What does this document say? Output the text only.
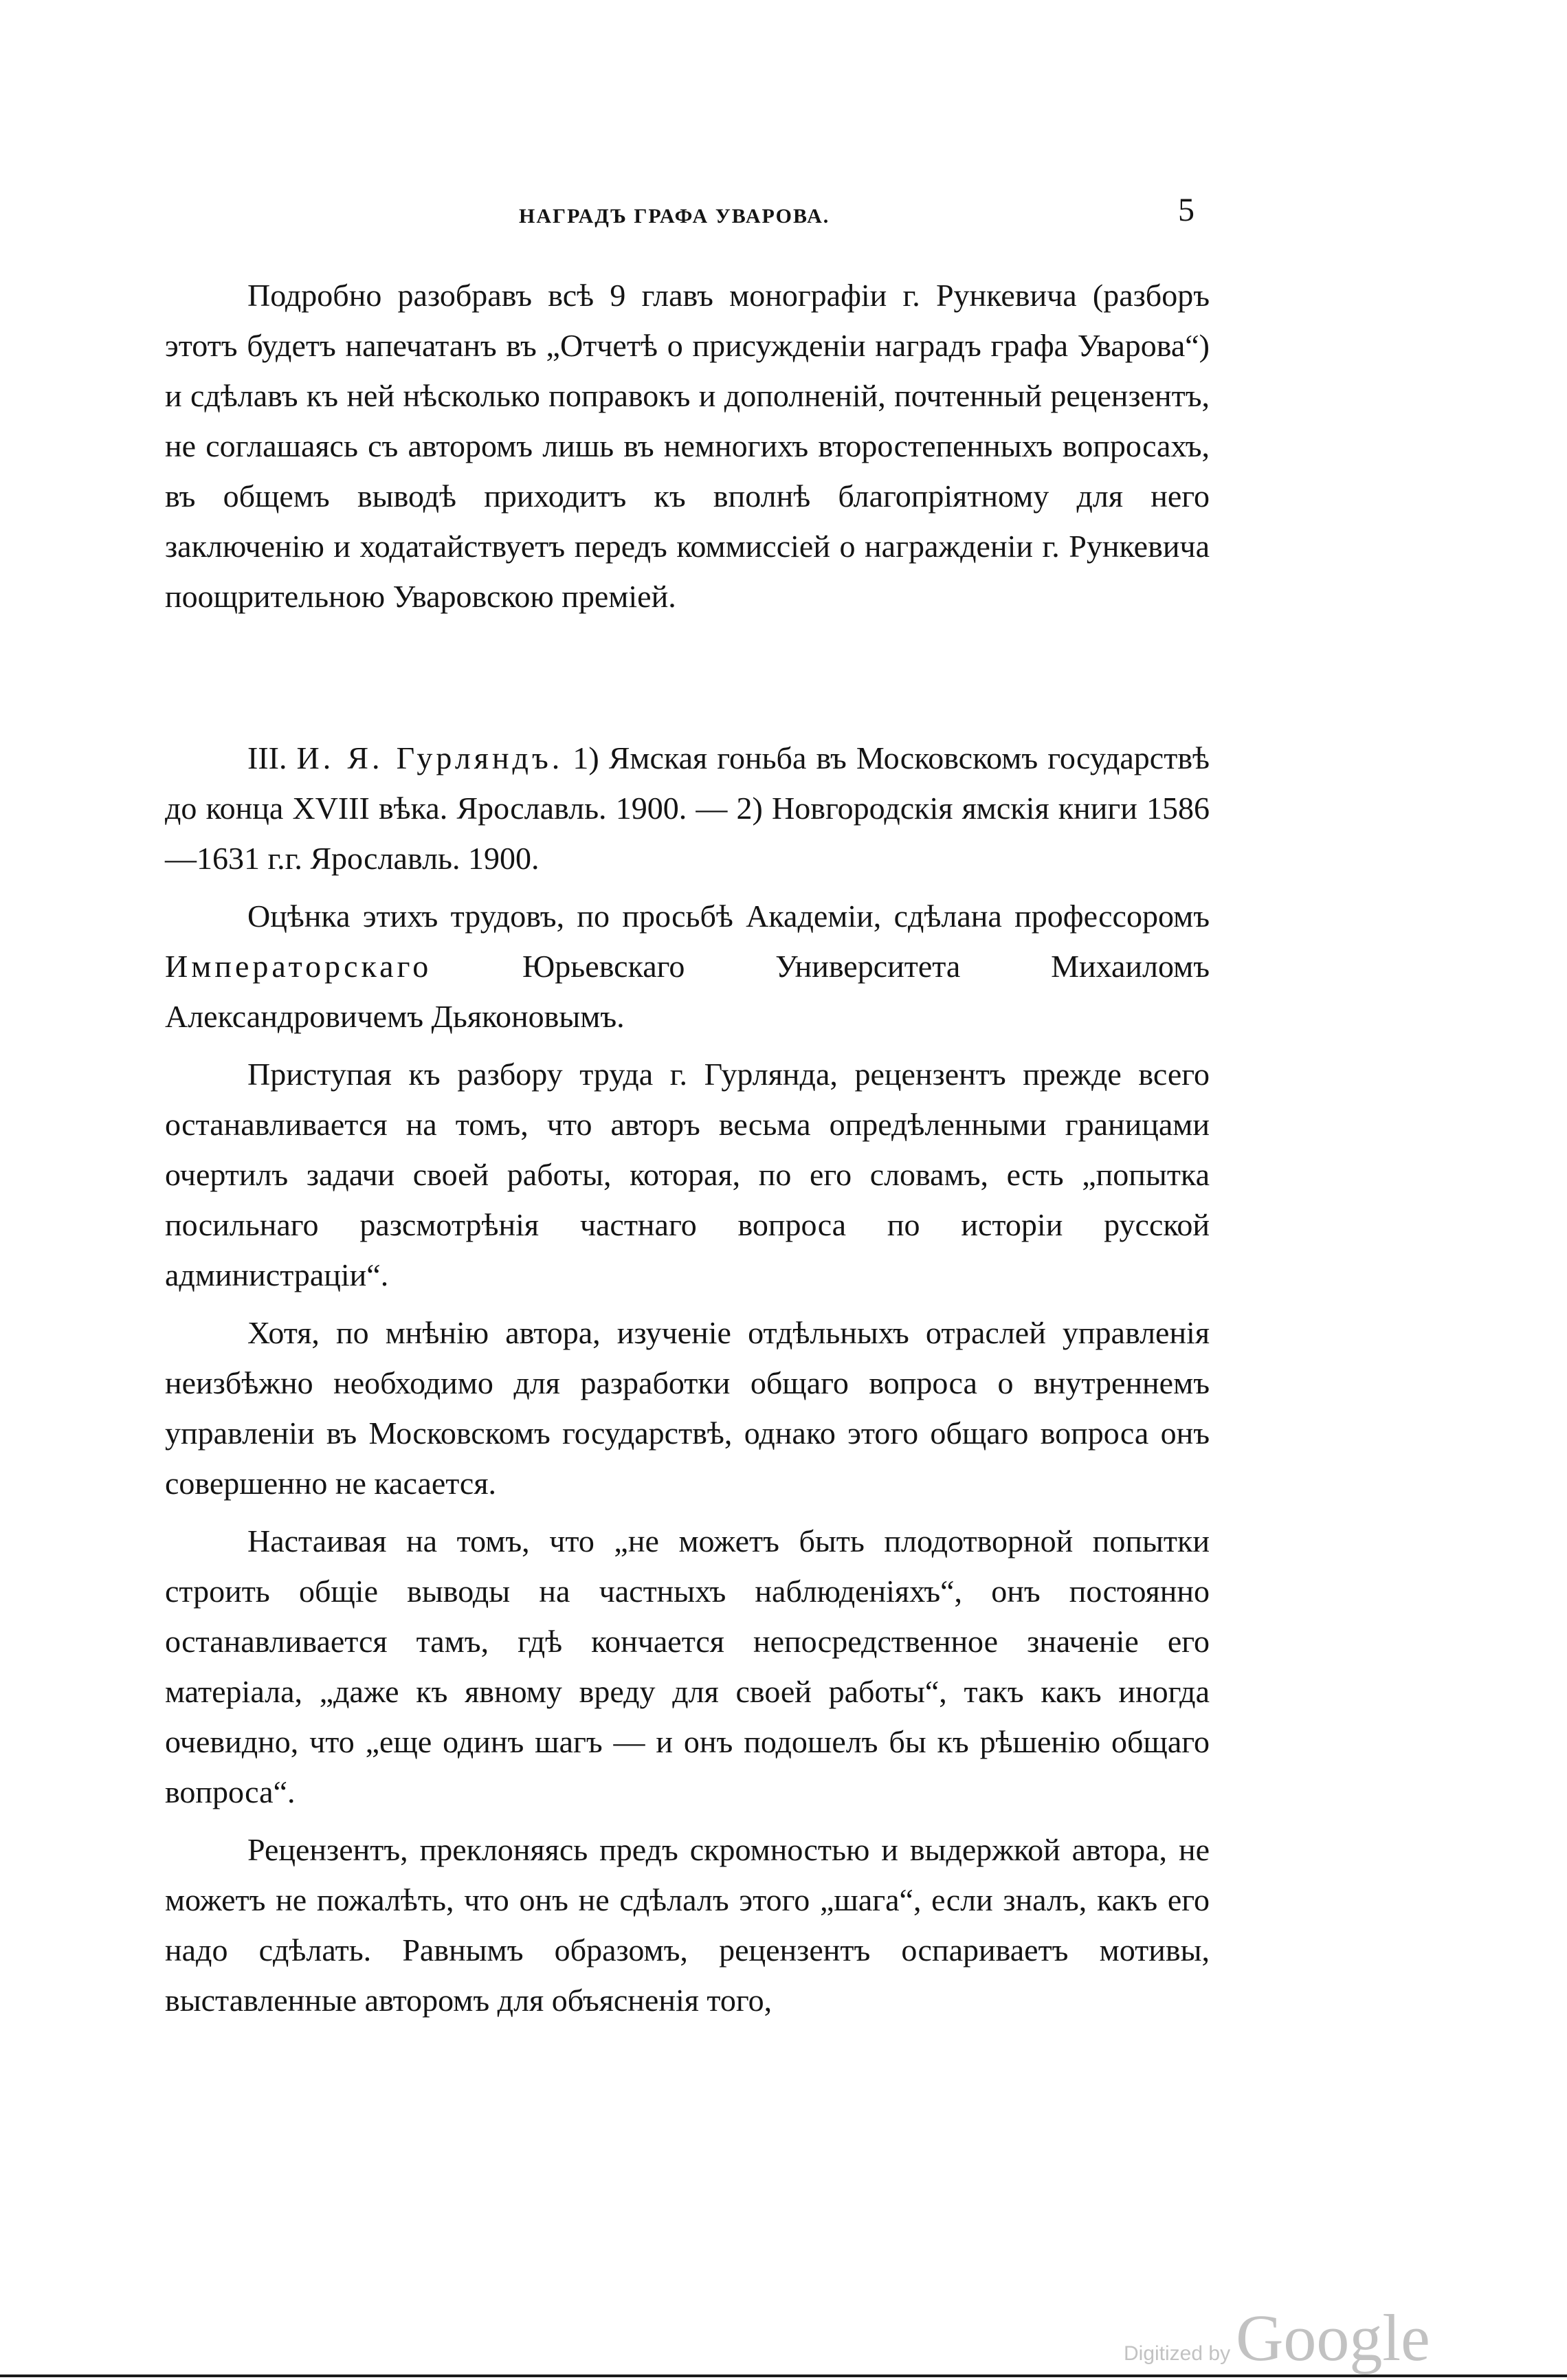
НАГРАДЪ ГРАФА УВАРОВА.	5

Подробно разобравъ всѣ 9 главъ монографіи г. Рункевича (разборъ этотъ будетъ напечатанъ въ „Отчетѣ о присужденіи наградъ графа Уварова“) и сдѣлавъ къ ней нѣсколько поправокъ и дополненій, почтенный рецензентъ, не соглашаясь съ авторомъ лишь въ немногихъ второстепенныхъ вопросахъ, въ общемъ выводѣ приходитъ къ вполнѣ благопріятному для него заключенію и ходатайствуетъ передъ коммиссіей о награжденіи г. Рункевича поощрительною Уваровскою преміей.

III. И. Я. Гурляндъ. 1) Ямская гоньба въ Московскомъ государствѣ до конца XVIII вѣка. Ярославль. 1900. — 2) Новгородскія ямскія книги 1586—1631 г.г. Ярославль. 1900.

Оцѣнка этихъ трудовъ, по просьбѣ Академіи, сдѣлана профессоромъ Императорскаго	Юрьевскаго Университета Михаиломъ Александровичемъ Дьяконовымъ.

Приступая къ разбору труда г. Гурлянда, рецензентъ прежде всего останавливается на томъ, что авторъ весьма опредѣленными границами очертилъ задачи своей работы, которая, по его словамъ, есть „попытка посильнаго разсмотрѣнія частнаго вопроса по исторіи русской администраціи“.

Хотя, по мнѣнію автора, изученіе отдѣльныхъ отраслей управленія неизбѣжно необходимо для разработки общаго вопроса о внутреннемъ управленіи въ Московскомъ государствѣ, однако этого общаго вопроса онъ совершенно не касается.

Настаивая на томъ, что „не можетъ быть плодотворной попытки строить общіе выводы на частныхъ наблюденіяхъ“, онъ постоянно останавливается тамъ, гдѣ кончается непосредственное значеніе его матеріала, „даже къ явному вреду для своей работы“, такъ какъ иногда очевидно, что „еще одинъ шагъ — и онъ подошелъ бы къ рѣшенію общаго вопроса“.

Рецензентъ, преклоняясь предъ скромностью и выдержкой автора, не можетъ не пожалѣть, что онъ не сдѣлалъ этого „шага“, если зналъ, какъ его надо сдѣлать. Равнымъ образомъ, рецензентъ оспариваетъ мотивы, выставленные авторомъ для объясненія того,

Digitized byGoogle
